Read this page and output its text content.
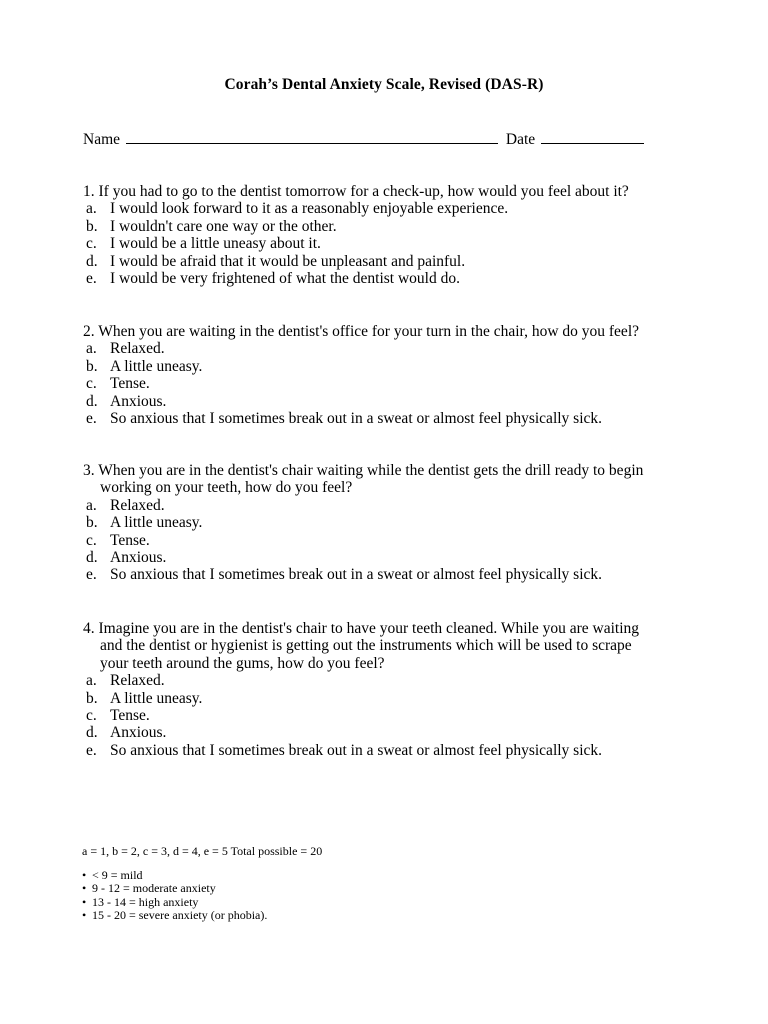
Corah’s Dental Anxiety Scale, Revised (DAS-R)
Name	Date

1. If you had to go to the dentist tomorrow for a check-up, how would you feel about it?

a. I would look forward to it as a reasonably enjoyable experience.
b. I wouldn't care one way or the other.
c. I would be a little uneasy about it.
d. I would be afraid that it would be unpleasant and painful.
e. I would be very frightened of what the dentist would do.

2. When you are waiting in the dentist's office for your turn in the chair, how do you feel?

a. Relaxed.
b. A little uneasy.
c. Tense.
d. Anxious.
e. So anxious that I sometimes break out in a sweat or almost feel physically sick.

3. When you are in the dentist's chair waiting while the dentist gets the drill ready to begin

working on your teeth, how do you feel?

a. Relaxed.
b. A little uneasy.
c. Tense.
d. Anxious.
e. So anxious that I sometimes break out in a sweat or almost feel physically sick.

4. Imagine you are in the dentist's chair to have your teeth cleaned. While you are waiting

and the dentist or hygienist is getting out the instruments which will be used to scrape

your teeth around the gums, how do you feel?

a. Relaxed.
b. A little uneasy.
c. Tense.
d. Anxious.
e. So anxious that I sometimes break out in a sweat or almost feel physically sick.

a = 1, b = 2, c = 3, d = 4, e = 5 Total possible = 20

• < 9 = mild

• 9 - 12 = moderate anxiety

• 13 - 14 = high anxiety

• 15 - 20 = severe anxiety (or phobia).
